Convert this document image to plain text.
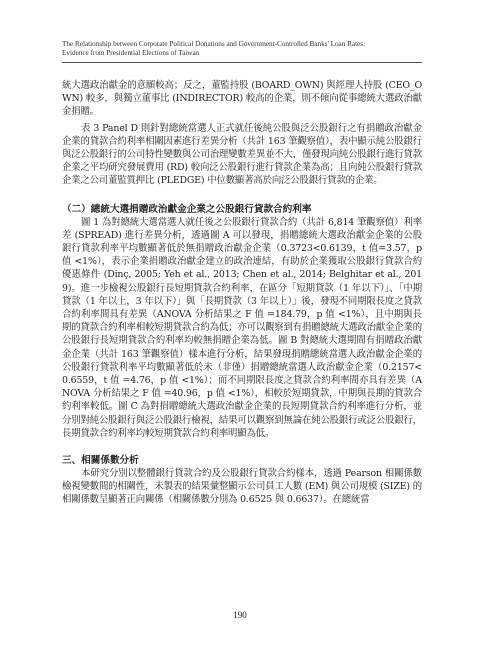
The Relationship between Corporate Political Donations and Government-Controlled Banks' Loan Rates:
Evidence from Presidential Elections of Taiwan

統大選政治獻金的意願較高；反之，董監持股 (BOARD_OWN) 與經理人持股 (CEO_OWN) 較多，與獨立董事比 (INDIRECTOR) 較高的企業，則不傾向從事總統大選政治獻金捐贈。

表 3 Panel D 則針對總統當選人正式就任後純公股與泛公股銀行之有捐贈政治獻金企業的貸款合約利率相關因素進行差異分析（共計 163 筆觀察值），表中顯示純公股銀行與泛公股銀行的公司特性變數與公司治理變數差異並不大，僅發現向純公股銀行進行貸款企業之平均研究發展費用 (RD) 較向泛公股銀行進行貸款企業為高；且向純公股銀行貸款企業之公司董監質押比 (PLEDGE) 中位數顯著高於向泛公股銀行貸款的企業。

（二）總統大選捐贈政治獻金企業之公股銀行貸款合約利率

圖 1 為對總統大選當選人就任後之公股銀行貸款合約（共計 6,814 筆觀察值）利率差 (SPREAD) 進行差異分析，透過圖 A 可以發現，捐贈總統大選政治獻金企業的公股銀行貸款利率平均數顯著低於無捐贈政治獻金企業（0.3723<0.6139，t 值=3.57，p 值 <1%），表示企業捐贈政治獻金建立的政治連結，有助於企業獲取公股銀行貸款合約優惠條件 (Dinç, 2005; Yeh et al., 2013; Chen et al., 2014; Belghitar et al., 2019)。進一步檢視公股銀行長短期貸款合約利率，在區分「短期貸款（1 年以下）」、「中期貸款（1 年以上，3 年以下）」與「長期貸款（3 年以上）」後，發現不同期限長度之貸款合約利率間具有差異（ANOVA 分析結果之 F 值 =184.79，p 值 <1%），且中期與長期的貸款合約利率相較短期貸款合約為低；亦可以觀察到有捐贈總統大選政治獻金企業的公股銀行長短期貸款合約利率均較無捐贈企業為低。圖 B 對總統大選期間有捐贈政治獻金企業（共計 163 筆觀察值）樣本進行分析，結果發現捐贈總統當選人政治獻金企業的公股銀行貸款利率平均數顯著低於未（非僅）捐贈總統當選人政治獻金企業（0.2157<0.6559，t 值 =4.76，p 值 <1%）；而不同期限長度之貸款合約利率間亦具有差異（ANOVA 分析結果之 F 值 =40.96，p 值 <1%），相較於短期貸款，中期與長期的貸款合約利率較低。圖 C 為對捐贈總統大選政治獻金企業的長短期貸款合約利率進行分析，並分別對純公股銀行與泛公股銀行檢視，結果可以觀察到無論在純公股銀行或泛公股銀行，長期貸款合約利率均較短期貸款合約利率明顯為低。

三、相關係數分析

本研究分別以整體銀行貸款合約及公股銀行貸款合約樣本，透過 Pearson 相關係數檢視變數間的相關性，未製表的結果彙整顯示公司員工人數 (EM) 與公司規模 (SIZE) 的相關係數呈顯著正向關係（相關係數分別為 0.6525 與 0.6637）。在總統當

190
